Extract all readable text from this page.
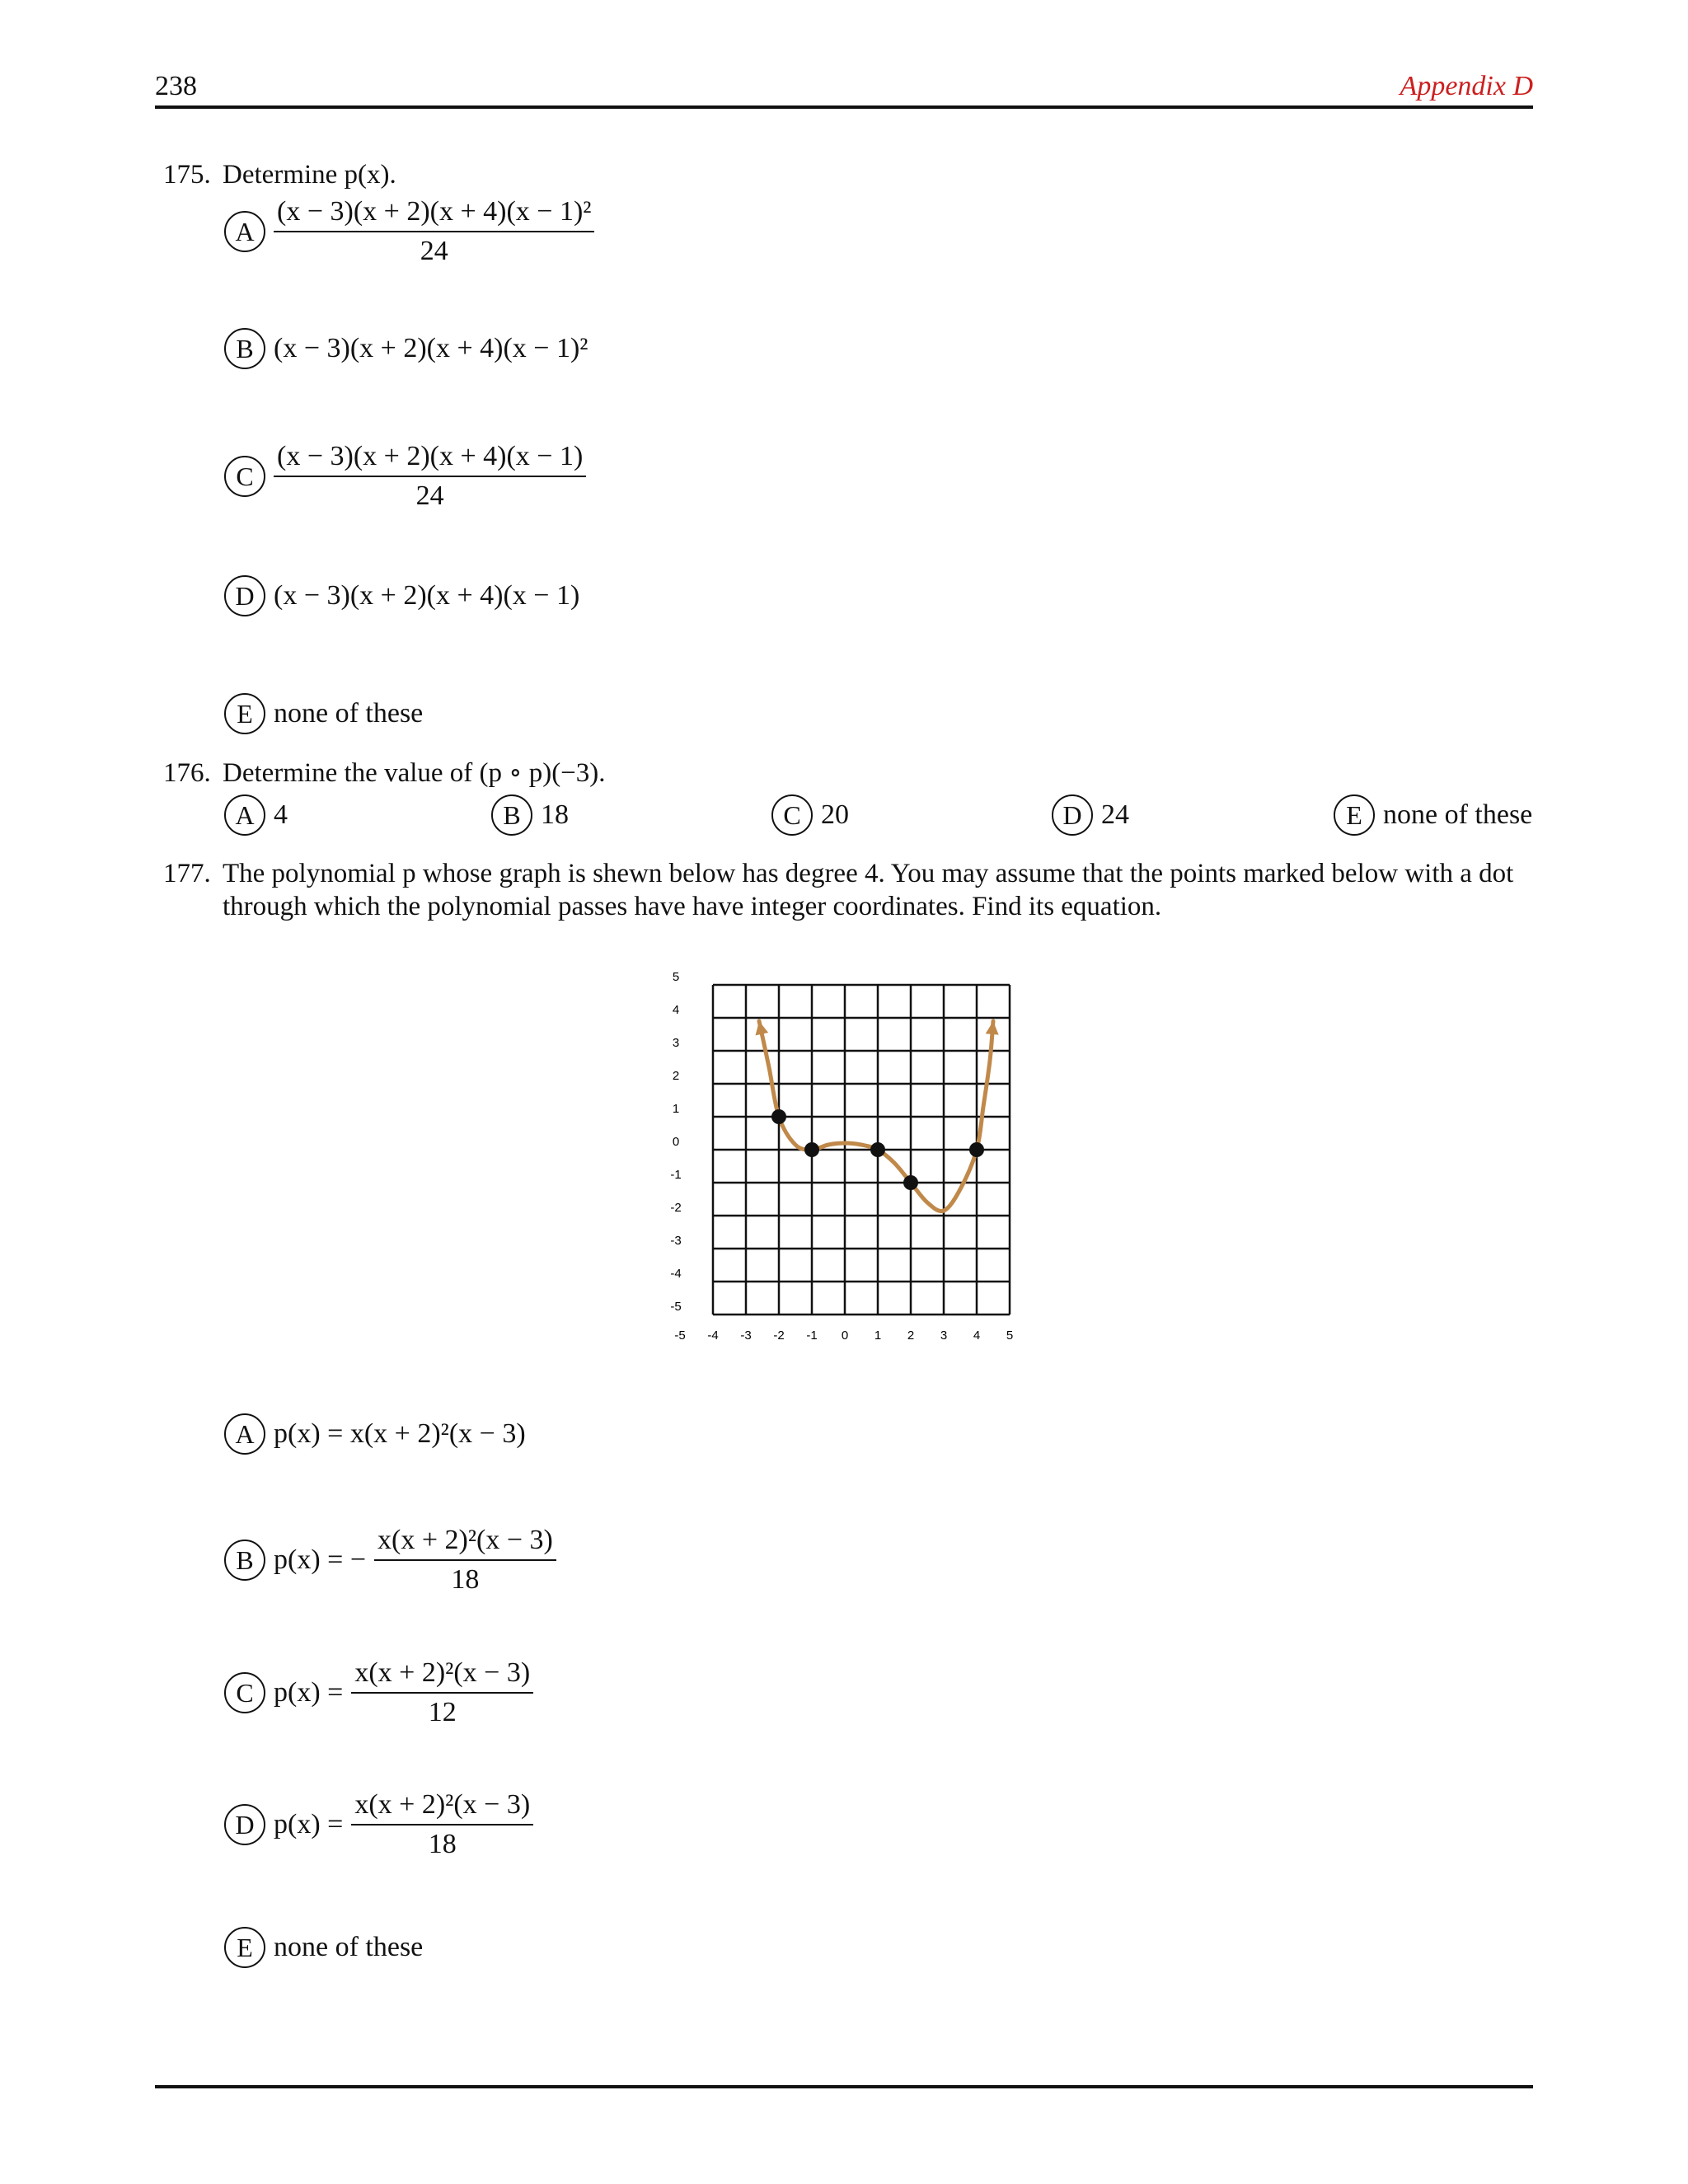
238	Appendix D
175. Determine p(x).
A $\frac{\text{(x − 3)(x + 2)(x + 4)(x − 1)²}}{24}$
B (x − 3)(x + 2)(x + 4)(x − 1)²
C $\frac{(x - 3)(x + 2)(x + 4)(x - 1)}{24}$
D (x − 3)(x + 2)(x + 4)(x − 1)
E none of these
176. Determine the value of (p ∘ p)(−3).
A 4	B 18	C 20	D 24	E none of these
177. The polynomial p whose graph is shewn below has degree 4. You may assume that the points marked below with a dot
through which the polynomial passes have have integer coordinates. Find its equation.
-5 -4 -3 -2 -1 0 1 2 3 4 5
5
4
3
2
1
0
-1
-2
-3
-4
-5
A p(x) = x(x + 2)²(x − 3)
B p(x) = − $\frac{\text{x(x + 2)²(x − 3)}}{18}$
C $p(x) = \frac{\text{x(x + 2)²(x − 3)}}{12}$
D $p(x) = \frac{\text{x(x + 2)²(x − 3)}}{18}$
E none of these
